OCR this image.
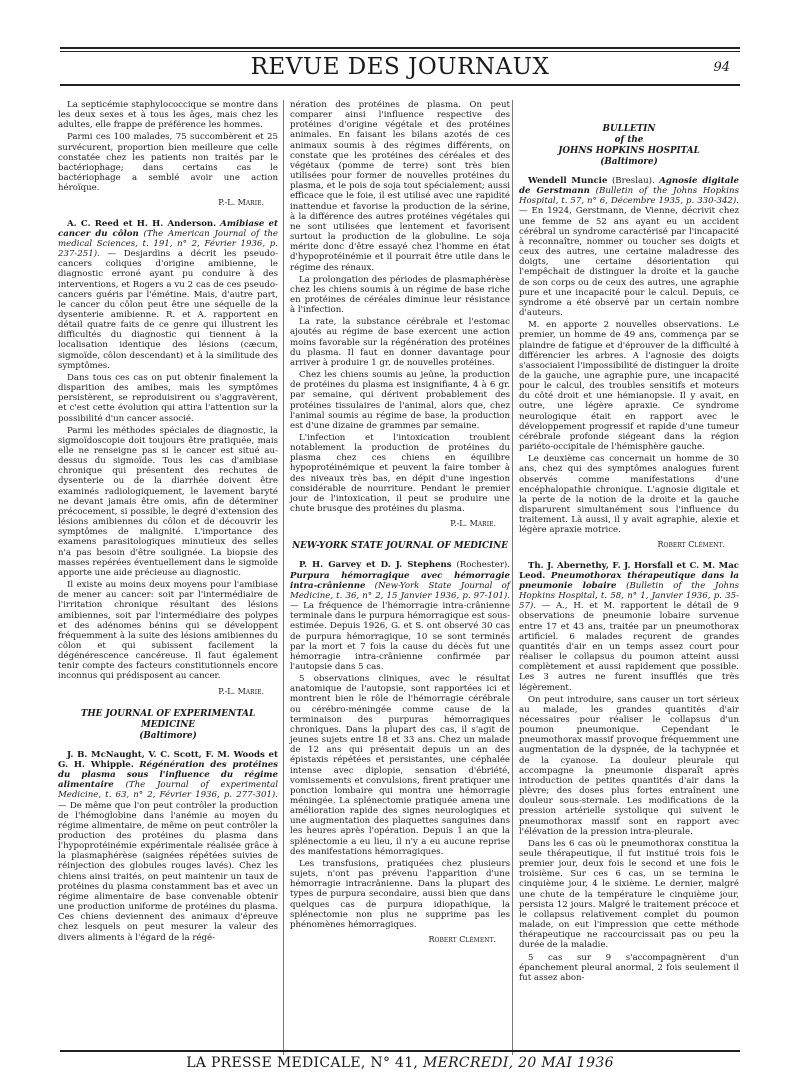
REVUE DES JOURNAUX	94

La septicémie staphylococcique se montre dans les deux sexes et à tous les âges, mais chez les adultes, elle frappe de préférence les hommes.

Parmi ces 100 malades, 75 succombèrent et 25 survécurent, proportion bien meilleure que celle constatée chez les patients non traités par le bactériophage; dans certains cas le bactériophage a semblé avoir une action héroïque.

P.-L. Marie.

A. C. Reed et H. H. Anderson. Amibiase et cancer du côlon (The American Journal of the medical Sciences, t. 191, n° 2, Février 1936, p. 237-251). — Desjardins a décrit les pseudo-cancers coliques d'origine amibienne, le diagnostic erroné ayant pu conduire à des interventions, et Rogers a vu 2 cas de ces pseudo-cancers guéris par l'émétine. Mais, d'autre part, le cancer du côlon peut être une séquelle de la dysenterie amibienne. R. et A. rapportent en détail quatre faits de ce genre qui illustrent les difficultés du diagnostic qui tiennent à la localisation identique des lésions (cæcum, sigmoïde, côlon descendant) et à la similitude des symptômes.

Dans tous ces cas on put obtenir finalement la disparition des amibes, mais les symptômes persistèrent, se reproduisirent ou s'aggravèrent, et c'est cette évolution qui attira l'attention sur la possibilité d'un cancer associé.

Parmi les méthodes spéciales de diagnostic, la sigmoïdoscopie doit toujours être pratiquée, mais elle ne renseigne pas si le cancer est situé au-dessus du sigmoïde. Tous les cas d'amibiase chronique qui présentent des rechutes de dysenterie ou de la diarrhée doivent être examinés radiologiquement, le lavement baryté ne devant jamais être omis, afin de déterminer précocement, si possible, le degré d'extension des lésions amibiennes du côlon et de découvrir les symptômes de malignité. L'importance des examens parasitologiques minutieux des selles n'a pas besoin d'être soulignée. La biopsie des masses repérées éventuellement dans le sigmoïde apporte une aide précieuse au diagnostic.

Il existe au moins deux moyens pour l'amibiase de mener au cancer: soit par l'intermédiaire de l'irritation chronique résultant des lésions amibiennes, soit par l'intermédiaire des polypes et des adénomes bénins qui se développent fréquemment à la suite des lésions amibiennes du côlon et qui subissent facilement la dégénérescence cancéreuse. Il faut également tenir compte des facteurs constitutionnels encore inconnus qui prédisposent au cancer.

P.-L. Marie.
THE JOURNAL OF EXPERIMENTAL MEDICINE
(Baltimore)

J. B. McNaught, V. C. Scott, F. M. Woods et G. H. Whipple. Régénération des protéines du plasma sous l'influence du régime alimentaire (The Journal of experimental Medicine, t. 63, n° 2, Février 1936, p. 277-301). — De même que l'on peut contrôler la production de l'hémoglobine dans l'anémie au moyen du régime alimentaire, de même on peut contrôler la production des protéines du plasma dans l'hypoprotéinémie expérimentale réalisée grâce à la plasmaphérèse (saignées répétées suivies de réinjection des globules rouges lavés). Chez les chiens ainsi traités, on peut maintenir un taux de protéines du plasma constamment bas et avec un régime alimentaire de base convenable obtenir une production uniforme de protéines du plasma. Ces chiens deviennent des animaux d'épreuve chez lesquels on peut mesurer la valeur des divers aliments à l'égard de la régé-

nération des protéines de plasma. On peut comparer ainsi l'influence respective des protéines d'origine végétale et des protéines animales. En faisant les bilans azotés de ces animaux soumis à des régimes différents, on constate que les protéines des céréales et des végétaux (pomme de terre) sont très bien utilisées pour former de nouvelles protéines du plasma, et le pois de soja tout spécialement; aussi efficace que le foie, il est utilisé avec une rapidité inattendue et favorise la production de la sérine, à la différence des autres protéines végétales qui ne sont utilisées que lentement et favorisent surtout la production de la globuline. Le soja mérite donc d'être essayé chez l'homme en état d'hypoprotéinémie et il pourrait être utile dans le régime des rénaux.

La prolongation des périodes de plasmaphérèse chez les chiens soumis à un régime de base riche en protéines de céréales diminue leur résistance à l'infection.

La rate, la substance cérébrale et l'estomac ajoutés au régime de base exercent une action moins favorable sur la régénération des protéines du plasma. Il faut en donner davantage pour arriver à produire 1 gr. de nouvelles protéines.

Chez les chiens soumis au jeûne, la production de protéines du plasma est insignifiante, 4 à 6 gr. par semaine, qui dérivent probablement des protéines tissulaires de l'animal, alors que, chez l'animal soumis au régime de base, la production est d'une dizaine de grammes par semaine.

L'infection et l'intoxication troublent notablement la production de protéines du plasma chez ces chiens en équilibre hypoprotéinémique et peuvent la faire tomber à des niveaux très bas, en dépit d'une ingestion considérable de nourriture. Pendant le premier jour de l'intoxication, il peut se produire une chute brusque des protéines du plasma.

P.-L. Marie.
NEW-YORK STATE JOURNAL OF MEDICINE

P. H. Garvey et D. J. Stephens (Rochester). Purpura hémorragique avec hémorragie intra-crânienne (New-York State Journal of Medicine, t. 36, n° 2, 15 Janvier 1936, p. 97-101). — La fréquence de l'hémorragie intra-crânienne terminale dans le purpura hémorragique est sous-estimée. Depuis 1926, G. et S. ont observé 30 cas de purpura hémorragique, 10 se sont terminés par la mort et 7 fois la cause du décès fut une hémorragie intra-crânienne confirmée par l'autopsie dans 5 cas.

5 observations cliniques, avec le résultat anatomique de l'autopsie, sont rapportées ici et montrent bien le rôle de l'hémorragie cérébrale ou cérébro-méningée comme cause de la terminaison des purpuras hémorragiques chroniques. Dans la plupart des cas, il s'agit de jeunes sujets entre 18 et 33 ans. Chez un malade de 12 ans qui présentait depuis un an des épistaxis répétées et persistantes, une céphalée intense avec diplopie, sensation d'ébriété, vomissements et convulsions, firent pratiquer une ponction lombaire qui montra une hémorragie méningée. La splénectomie pratiquée amena une amélioration rapide des signes neurologiques et une augmentation des plaquettes sanguines dans les heures après l'opération. Depuis 1 an que la splénectomie a eu lieu, il n'y a eu aucune reprise des manifestations hémorragiques.

Les transfusions, pratiquées chez plusieurs sujets, n'ont pas prévenu l'apparition d'une hémorragie intracrânienne. Dans la plupart des types de purpura secondaire, aussi bien que dans quelques cas de purpura idiopathique, la splénectomie non plus ne supprime pas les phénomènes hémorragiques.

Robert Clément.
BULLETIN
of the
JOHNS HOPKINS HOSPITAL
(Baltimore)

Wendell Muncie (Breslau). Agnosie digitale de Gerstmann (Bulletin of the Johns Hopkins Hospital, t. 57, n° 6, Décembre 1935, p. 330-342). — En 1924, Gerstmann, de Vienne, décrivit chez une femme de 52 ans ayant eu un accident cérébral un syndrome caractérisé par l'incapacité à reconnaître, nommer ou toucher ses doigts et ceux des autres, une certaine maladresse des doigts, une certaine désorientation qui l'empêchait de distinguer la droite et la gauche de son corps ou de ceux des autres, une agraphie pure et une incapacité pour le calcul. Depuis, ce syndrome a été observé par un certain nombre d'auteurs.

M. en apporte 2 nouvelles observations. Le premier, un homme de 49 ans, commença par se plaindre de fatigue et d'éprouver de la difficulté à différencier les arbres. A l'agnosie des doigts s'associaient l'impossibilité de distinguer la droite de la gauche, une agraphie pure, une incapacité pour le calcul, des troubles sensitifs et moteurs du côté droit et une hémianopsie. Il y avait, en outre, une légère apraxie. Ce syndrome neurologique était en rapport avec le développement progressif et rapide d'une tumeur cérébrale profonde siégeant dans la région pariéto-occipitale de l'hémisphère gauche.

Le deuxième cas concernait un homme de 30 ans, chez qui des symptômes analogues furent observés comme manifestations d'une encéphalopathie chronique. L'agnosie digitale et la perte de la notion de la droite et la gauche disparurent simultanément sous l'influence du traitement. Là aussi, il y avait agraphie, alexie et légère apraxie motrice.

Robert Clément.

Th. J. Abernethy, F. J. Horsfall et C. M. Mac Leod. Pneumothorax thérapeutique dans la pneumonie lobaire (Bulletin of the Johns Hopkins Hospital, t. 58, n° 1, Janvier 1936, p. 35-57). — A., H. et M. rapportent le détail de 9 observations de pneumonie lobaire survenue entre 17 et 43 ans, traitée par un pneumothorax artificiel. 6 malades reçurent de grandes quantités d'air en un temps assez court pour réaliser le collapsus du poumon atteint aussi complètement et aussi rapidement que possible. Les 3 autres ne furent insufflés que très légèrement.

On peut introduire, sans causer un tort sérieux au malade, les grandes quantités d'air nécessaires pour réaliser le collapsus d'un poumon pneumonique. Cependant le pneumothorax massif provoque fréquemment une augmentation de la dyspnée, de la tachypnée et de la cyanose. La douleur pleurale qui accompagne la pneumonie disparaît après introduction de petites quantités d'air dans la plèvre; des doses plus fortes entraînent une douleur sous-sternale. Les modifications de la pression artérielle systolique qui suivent le pneumothorax massif sont en rapport avec l'élévation de la pression intra-pleurale.

Dans les 6 cas où le pneumothorax constitua la seule thérapeutique, il fut institué trois fois le premier jour, deux fois le second et une fois le troisième. Sur ces 6 cas, un se termina le cinquième jour, 4 le sixième. Le dernier, malgré une chute de la température le cinquième jour, persista 12 jours. Malgré le traitement précoce et le collapsus relativement complet du poumon malade, on eut l'impression que cette méthode thérapeutique ne raccourcissait pas ou peu la durée de la maladie.

5 cas sur 9 s'accompagnèrent d'un épanchement pleural anormal, 2 fois seulement il fut assez abon-

LA PRESSE MEDICALE, N° 41, MERCREDI, 20 MAI 1936
